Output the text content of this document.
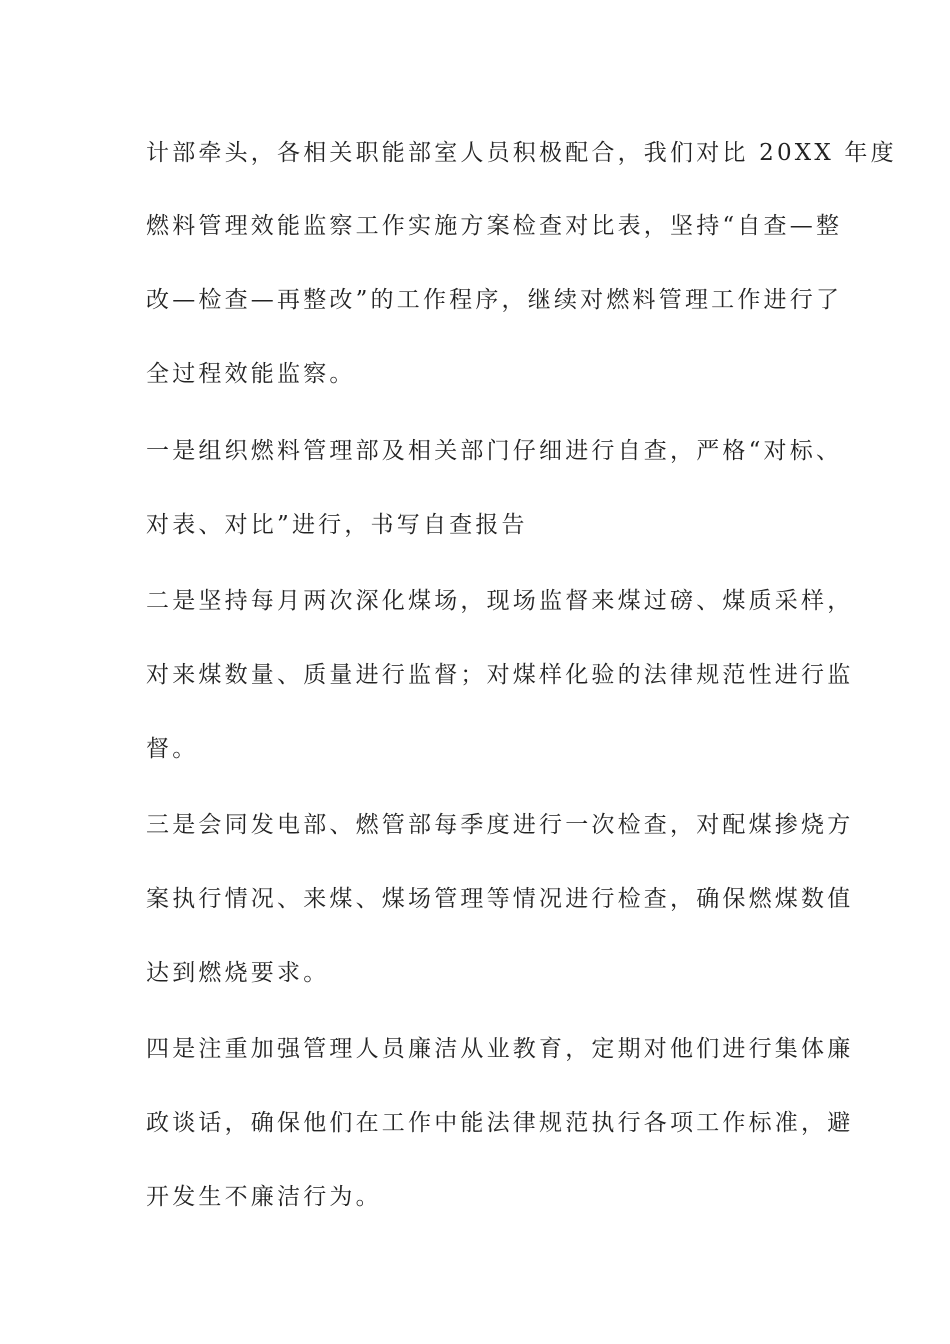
计部牵头，各相关职能部室人员积极配合，我们对比 20XX 年度
燃料管理效能监察工作实施方案检查对比表，坚持“自查—整
改—检查—再整改”的工作程序，继续对燃料管理工作进行了
全过程效能监察。
一是组织燃料管理部及相关部门仔细进行自查，严格“对标、
对表、对比”进行，书写自查报告
二是坚持每月两次深化煤场，现场监督来煤过磅、煤质采样，
对来煤数量、质量进行监督；对煤样化验的法律规范性进行监
督。
三是会同发电部、燃管部每季度进行一次检查，对配煤掺烧方
案执行情况、来煤、煤场管理等情况进行检查，确保燃煤数值
达到燃烧要求。
四是注重加强管理人员廉洁从业教育，定期对他们进行集体廉
政谈话，确保他们在工作中能法律规范执行各项工作标准，避
开发生不廉洁行为。
